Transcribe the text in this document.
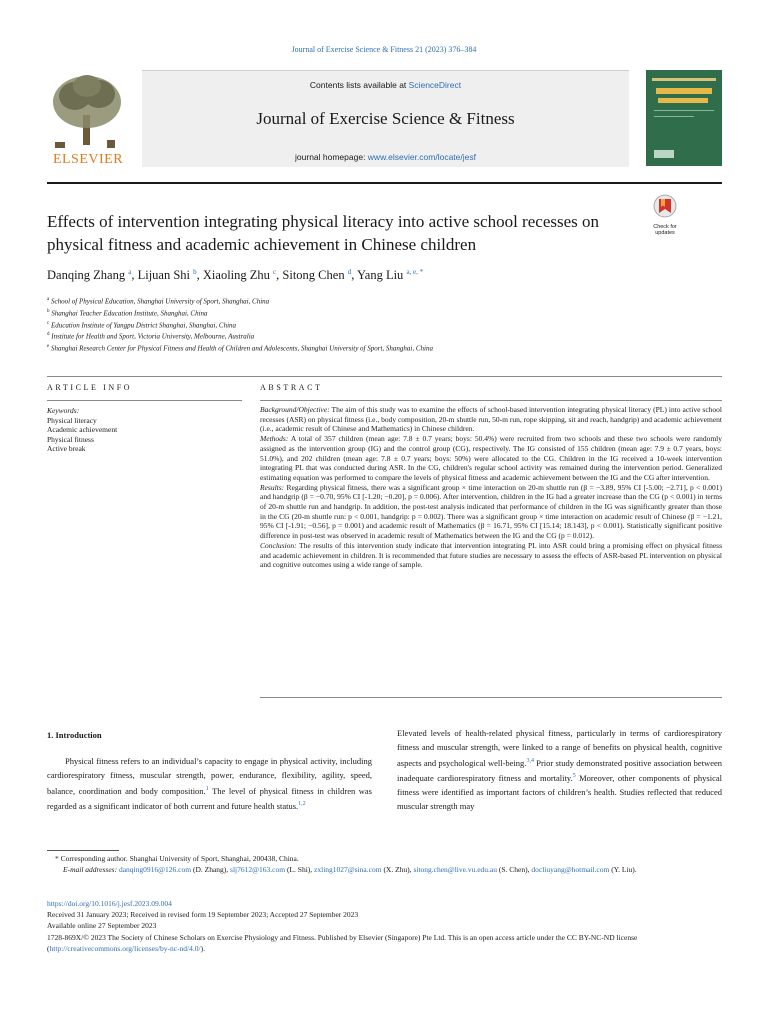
Journal of Exercise Science & Fitness 21 (2023) 376–384
ELSEVIER
Contents lists available at ScienceDirect
Journal of Exercise Science & Fitness
journal homepage: www.elsevier.com/locate/jesf
Effects of intervention integrating physical literacy into active school recesses on physical fitness and academic achievement in Chinese children
Check for
updates
Danqing Zhang $^a$, Lijuan Shi $^b$, Xiaoling Zhu $^c$, Sitong Chen $^d$, Yang Liu $^{a, e, *}$
$^a$ School of Physical Education, Shanghai University of Sport, Shanghai, China
$^b$ Shanghai Teacher Education Institute, Shanghai, China
$^c$ Education Institute of Yangpu District Shanghai, Shanghai, China
$^d$ Institute for Health and Sport, Victoria University, Melbourne, Australia
$^e$ Shanghai Research Center for Physical Fitness and Health of Children and Adolescents, Shanghai University of Sport, Shanghai, China
ARTICLE INFO	ABSTRACT
Keywords:
Physical literacy
Academic achievement
Physical fitness
Active break

Background/Objective: The aim of this study was to examine the effects of school-based intervention integrating physical literacy (PL) into active school recesses (ASR) on physical fitness (i.e., body composition, 20-m shuttle run, 50-m run, rope skipping, sit and reach, handgrip) and academic achievement (i.e., academic result of Chinese and Mathematics) in Chinese children.

Methods: A total of 357 children (mean age: 7.8 ± 0.7 years; boys: 50.4%) were recruited from two schools and these two schools were randomly assigned as the intervention group (IG) and the control group (CG), respectively. The IG consisted of 155 children (mean age: 7.9 ± 0.7 years, boys: 51.0%), and 202 children (mean age: 7.8 ± 0.7 years; boys: 50%) were allocated to the CG. Children in the IG received a 10-week intervention integrating PL that was conducted during ASR. In the CG, children's regular school activity was remained during the intervention period. Generalized estimating equation was performed to compare the levels of physical fitness and academic achievement between the IG and the CG after intervention.

Results: Regarding physical fitness, there was a significant group × time interaction on 20-m shuttle run (β = −3.89, 95% CI [-5.00; −2.71], p < 0.001) and handgrip (β = −0.70, 95% CI [-1.20; −0.20], p = 0.006). After intervention, children in the IG had a greater increase than the CG (p < 0.001) in terms of 20-m shuttle run and handgrip. In addition, the post-test analysis indicated that performance of children in the IG was significantly greater than those in the CG (20-m shuttle run: p < 0.001, handgrip: p = 0.002). There was a significant group × time interaction on academic result of Chinese (β = −1.21, 95% CI [-1.91; −0.56], p = 0.001) and academic result of Mathematics (β = 16.71, 95% CI [15.14; 18.143], p < 0.001). Statistically significant positive difference in post-test was observed in academic result of Mathematics between the IG and the CG (p = 0.012).

Conclusion: The results of this intervention study indicate that intervention integrating PL into ASR could bring a promising effect on physical fitness and academic achievement in children. It is recommended that future studies are necessary to assess the effects of ASR-based PL intervention on physical and cognitive outcomes using a wide range of sample.

1. Introduction
Physical fitness refers to an individual’s capacity to engage in physical activity, including cardiorespiratory fitness, muscular strength, power, endurance, flexibility, agility, speed, balance, coordination and body composition.$^1$ The level of physical fitness in children was regarded as a significant indicator of both current and future health status.$^{1,2}$
Elevated levels of health-related physical fitness, particularly in terms of cardiorespiratory fitness and muscular strength, were linked to a range of benefits on physical health, cognitive aspects and psychological well-being.$^{3,4}$ Prior study demonstrated positive association between inadequate cardiorespiratory fitness and mortality.$^5$ Moreover, other components of physical fitness were identified as important factors of children’s health. Studies reflected that reduced muscular strength may
* Corresponding author. Shanghai University of Sport, Shanghai, 200438, China.
E-mail addresses: danqing0916@126.com (D. Zhang), slj7612@163.com (L. Shi), zxling1027@sina.com (X. Zhu), sitong.chen@live.vu.edu.au (S. Chen), docliuyang@hotmail.com (Y. Liu).
https://doi.org/10.1016/j.jesf.2023.09.004
Received 31 January 2023; Received in revised form 19 September 2023; Accepted 27 September 2023
Available online 27 September 2023
1728-869X/© 2023 The Society of Chinese Scholars on Exercise Physiology and Fitness. Published by Elsevier (Singapore) Pte Ltd. This is an open access article under the CC BY-NC-ND license (http://creativecommons.org/licenses/by-nc-nd/4.0/).
